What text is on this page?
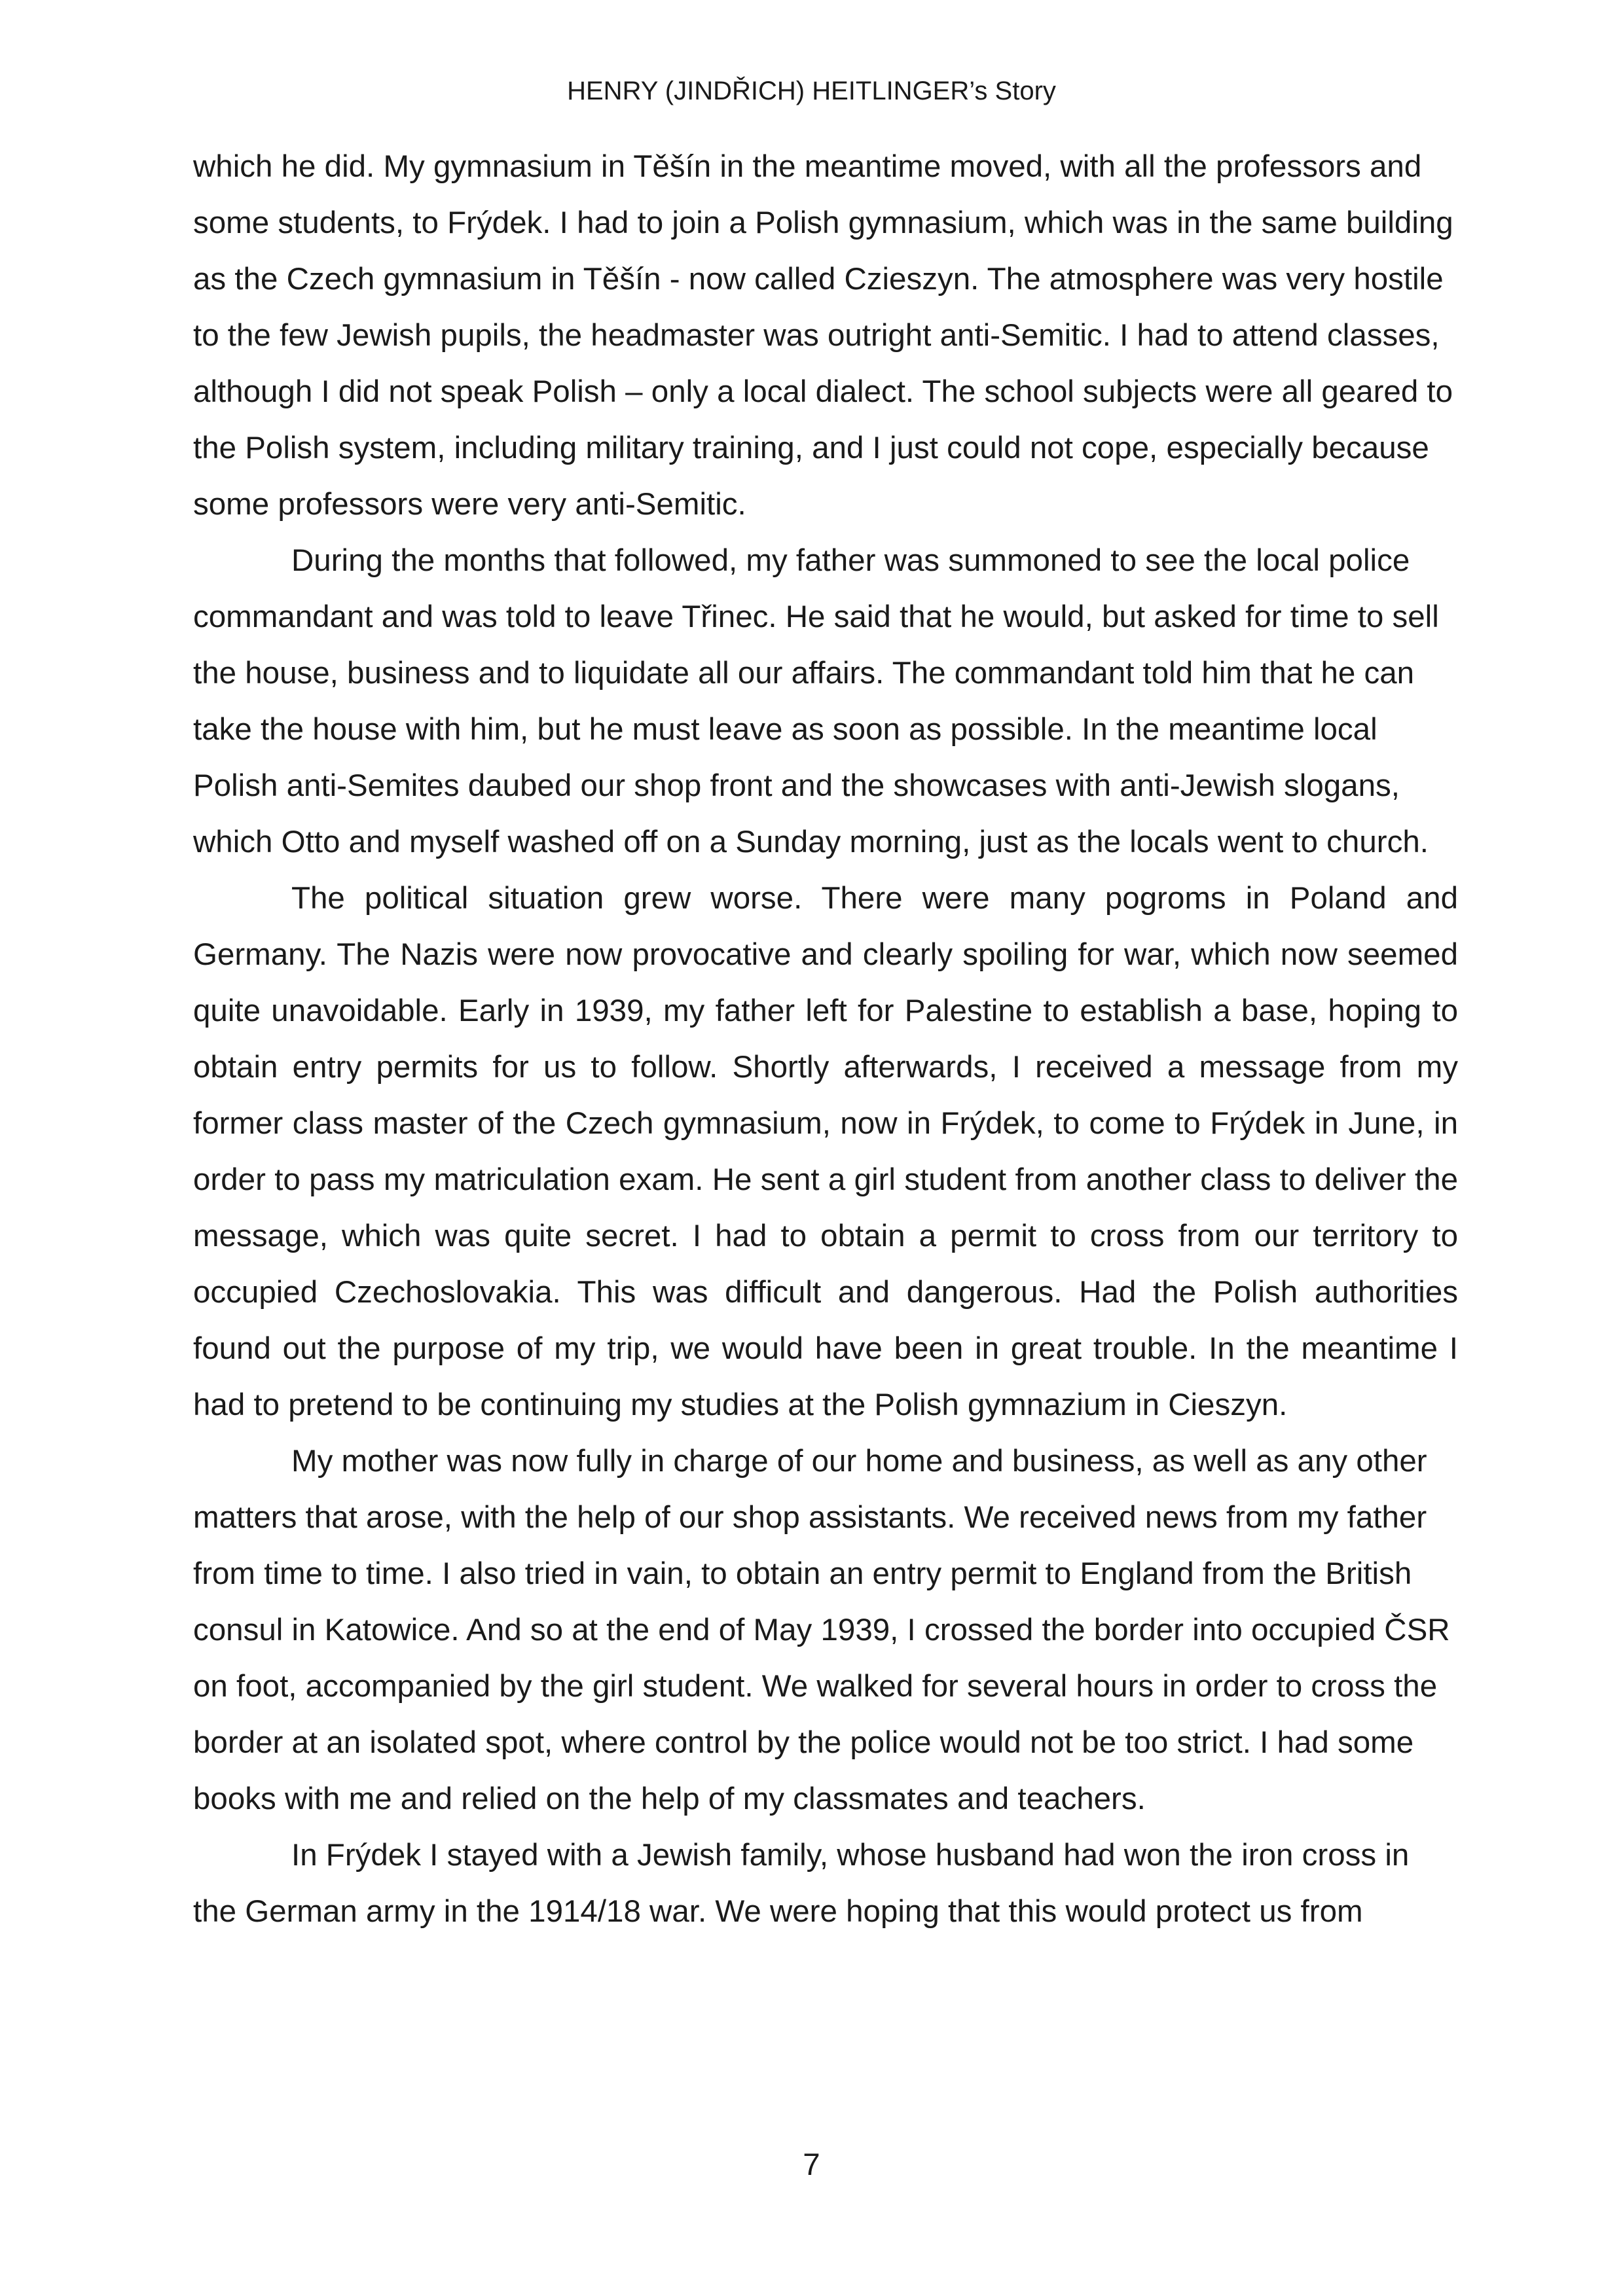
HENRY (JINDŘICH) HEITLINGER’s Story

which he did. My gymnasium in Těšín in the meantime moved, with all the professors and some students, to Frýdek. I had to join a Polish gymnasium, which was in the same building as the Czech gymnasium in Těšín - now called Czieszyn. The atmosphere was very hostile to the few Jewish pupils, the headmaster was outright anti-Semitic. I had to attend classes, although I did not speak Polish – only a local dialect. The school subjects were all geared to the Polish system, including military training, and I just could not cope, especially because some professors were very anti-Semitic.

During the months that followed, my father was summoned to see the local police commandant and was told to leave Třinec. He said that he would, but asked for time to sell the house, business and to liquidate all our affairs. The commandant told him that he can take the house with him, but he must leave as soon as possible. In the meantime local Polish anti-Semites daubed our shop front and the showcases with anti-Jewish slogans, which Otto and myself washed off on a Sunday morning, just as the locals went to church.

The political situation grew worse. There were many pogroms in Poland and Germany. The Nazis were now provocative and clearly spoiling for war, which now seemed quite unavoidable. Early in 1939, my father left for Palestine to establish a base, hoping to obtain entry permits for us to follow. Shortly afterwards, I received a message from my former class master of the Czech gymnasium, now in Frýdek, to come to Frýdek in June, in order to pass my matriculation exam. He sent a girl student from another class to deliver the message, which was quite secret. I had to obtain a permit to cross from our territory to occupied Czechoslovakia. This was difficult and dangerous. Had the Polish authorities found out the purpose of my trip, we would have been in great trouble. In the meantime I had to pretend to be continuing my studies at the Polish gymnazium in Cieszyn.

My mother was now fully in charge of our home and business, as well as any other matters that arose, with the help of our shop assistants. We received news from my father from time to time. I also tried in vain, to obtain an entry permit to England from the British consul in Katowice. And so at the end of May 1939, I crossed the border into occupied ČSR on foot, accompanied by the girl student. We walked for several hours in order to cross the border at an isolated spot, where control by the police would not be too strict. I had some books with me and relied on the help of my classmates and teachers.

In Frýdek I stayed with a Jewish family, whose husband had won the iron cross in the German army in the 1914/18 war. We were hoping that this would protect us from

7
